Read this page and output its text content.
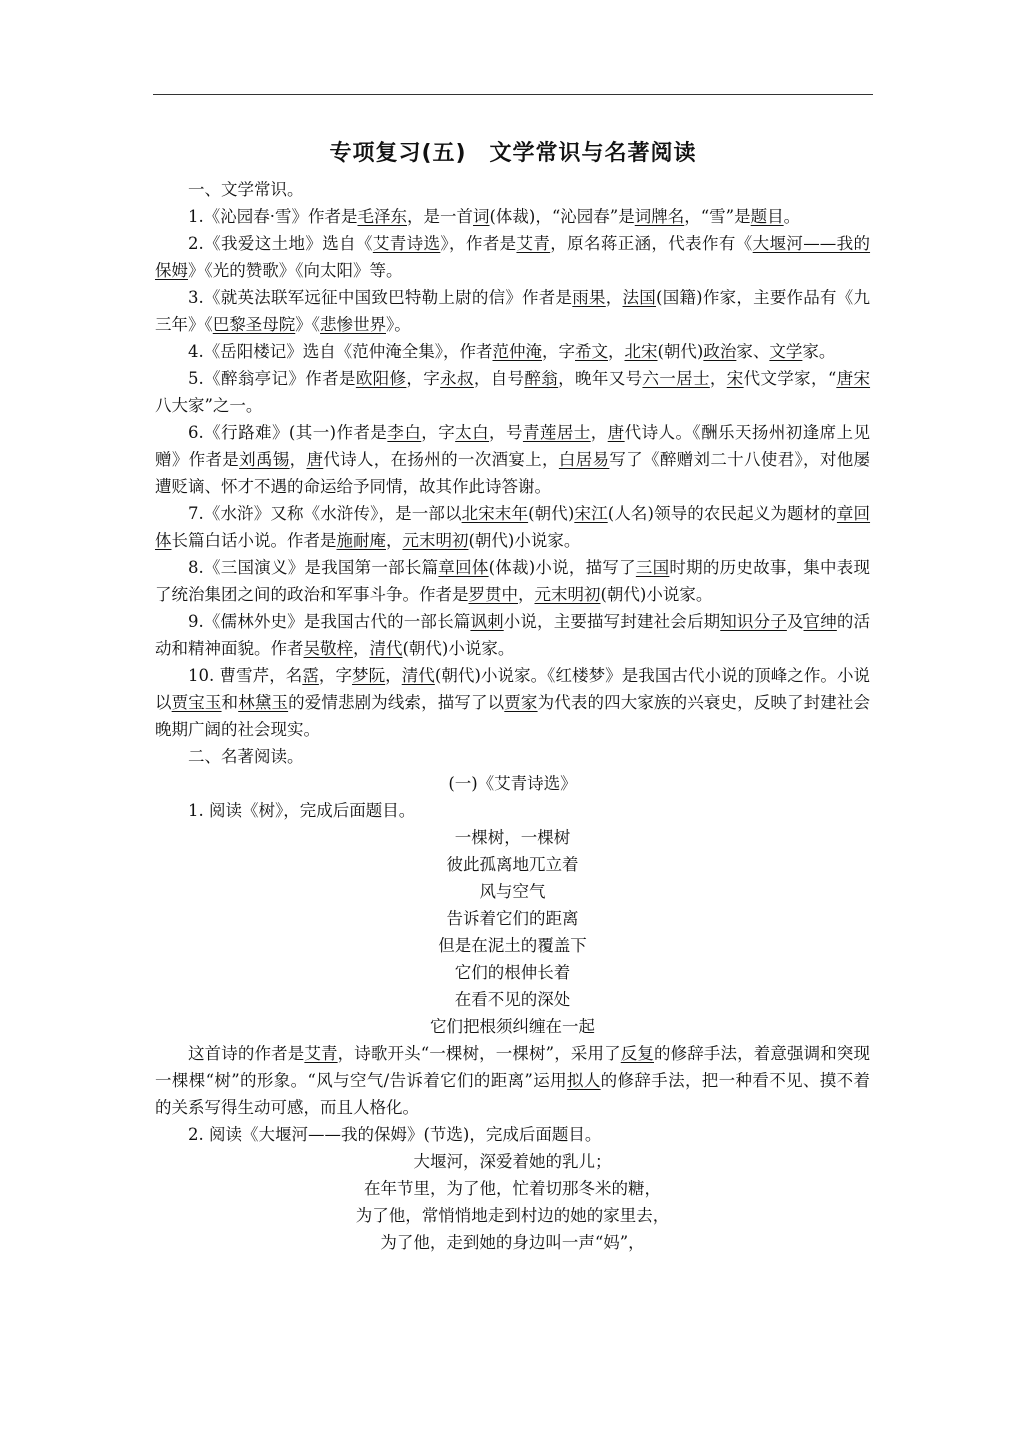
专项复习(五)　文学常识与名著阅读

一、文学常识。

1.《沁园春·雪》作者是毛泽东，是一首词(体裁)，“沁园春”是词牌名，“雪”是题目。

2.《我爱这土地》选自《艾青诗选》，作者是艾青，原名蒋正涵，代表作有《大堰河——我的保姆》《光的赞歌》《向太阳》等。

3.《就英法联军远征中国致巴特勒上尉的信》作者是雨果，法国(国籍)作家，主要作品有《九三年》《巴黎圣母院》《悲惨世界》。

4.《岳阳楼记》选自《范仲淹全集》，作者范仲淹，字希文，北宋(朝代)政治家、文学家。

5.《醉翁亭记》作者是欧阳修，字永叔，自号醉翁，晚年又号六一居士，宋代文学家，“唐宋八大家”之一。

6.《行路难》(其一)作者是李白，字太白，号青莲居士，唐代诗人。《酬乐天扬州初逢席上见赠》作者是刘禹锡，唐代诗人，在扬州的一次酒宴上，白居易写了《醉赠刘二十八使君》，对他屡遭贬谪、怀才不遇的命运给予同情，故其作此诗答谢。

7.《水浒》又称《水浒传》，是一部以北宋末年(朝代)宋江(人名)领导的农民起义为题材的章回体长篇白话小说。作者是施耐庵，元末明初(朝代)小说家。

8.《三国演义》是我国第一部长篇章回体(体裁)小说，描写了三国时期的历史故事，集中表现了统治集团之间的政治和军事斗争。作者是罗贯中，元末明初(朝代)小说家。

9.《儒林外史》是我国古代的一部长篇讽刺小说，主要描写封建社会后期知识分子及官绅的活动和精神面貌。作者吴敬梓，清代(朝代)小说家。

10. 曹雪芹，名霑，字梦阮，清代(朝代)小说家。《红楼梦》是我国古代小说的顶峰之作。小说以贾宝玉和林黛玉的爱情悲剧为线索，描写了以贾家为代表的四大家族的兴衰史，反映了封建社会晚期广阔的社会现实。

二、名著阅读。

(一)《艾青诗选》

1. 阅读《树》，完成后面题目。

一棵树，一棵树

彼此孤离地兀立着

风与空气

告诉着它们的距离

但是在泥土的覆盖下

它们的根伸长着

在看不见的深处

它们把根须纠缠在一起

这首诗的作者是艾青，诗歌开头“一棵树，一棵树”，采用了反复的修辞手法，着意强调和突现一棵棵“树”的形象。“风与空气/告诉着它们的距离”运用拟人的修辞手法，把一种看不见、摸不着的关系写得生动可感，而且人格化。

2. 阅读《大堰河——我的保姆》(节选)，完成后面题目。

大堰河，深爱着她的乳儿；

在年节里，为了他，忙着切那冬米的糖，

为了他，常悄悄地走到村边的她的家里去，

为了他，走到她的身边叫一声“妈”，
